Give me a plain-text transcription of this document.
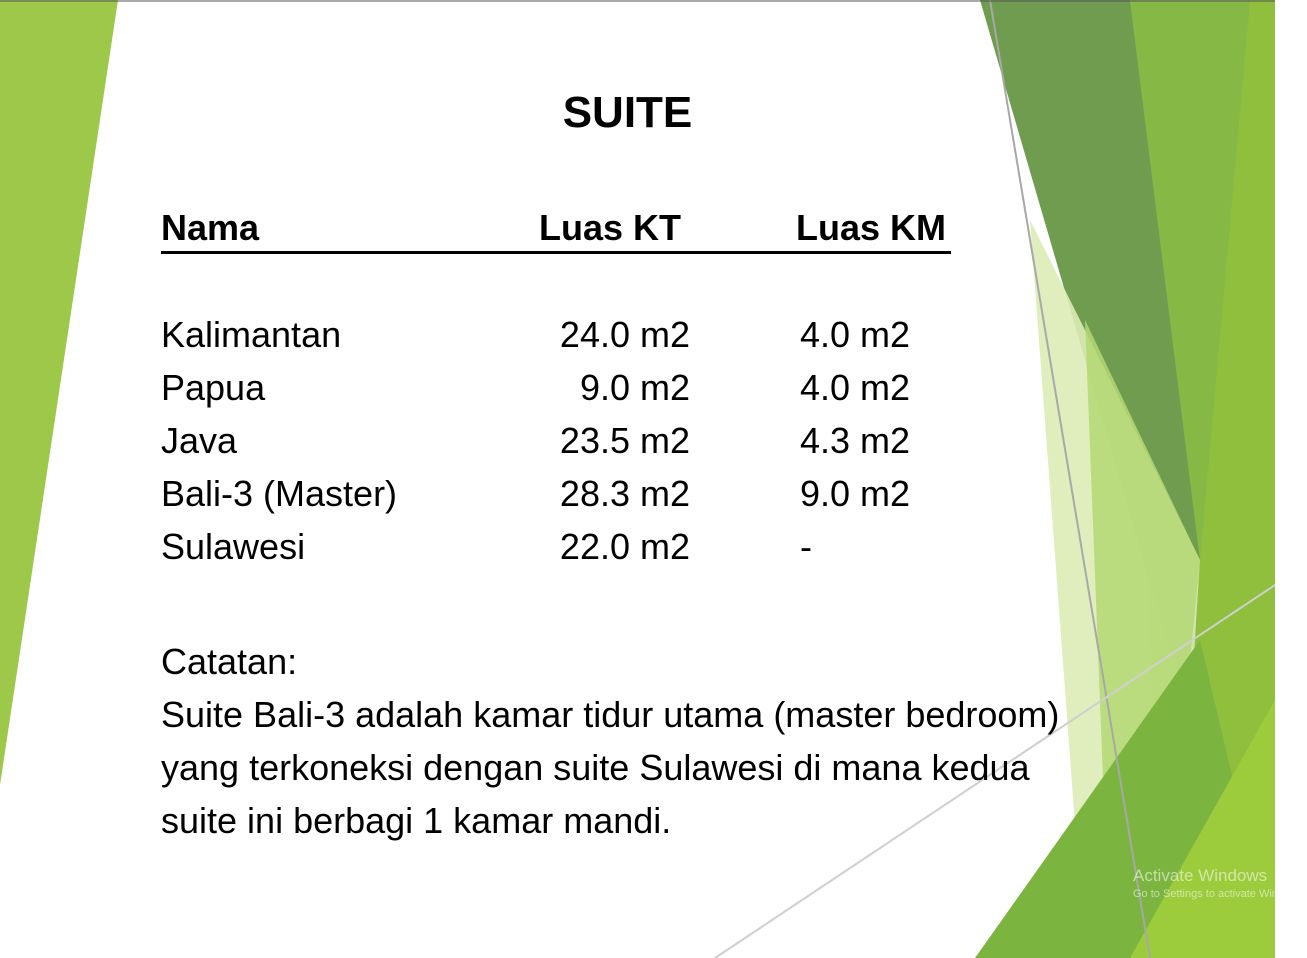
SUITE
Nama	Luas KT	Luas KM
Kalimantan	24.0 m2	4.0 m2
Papua	9.0 m2	4.0 m2
Java	23.5 m2	4.3 m2
Bali-3 (Master)	28.3 m2	9.0 m2
Sulawesi	22.0 m2	-
Catatan:
Suite Bali-3 adalah kamar tidur utama (master bedroom) yang terkoneksi dengan suite Sulawesi di mana kedua suite ini berbagi 1 kamar mandi.
Activate Windows
Go to Settings to activate Windows.
